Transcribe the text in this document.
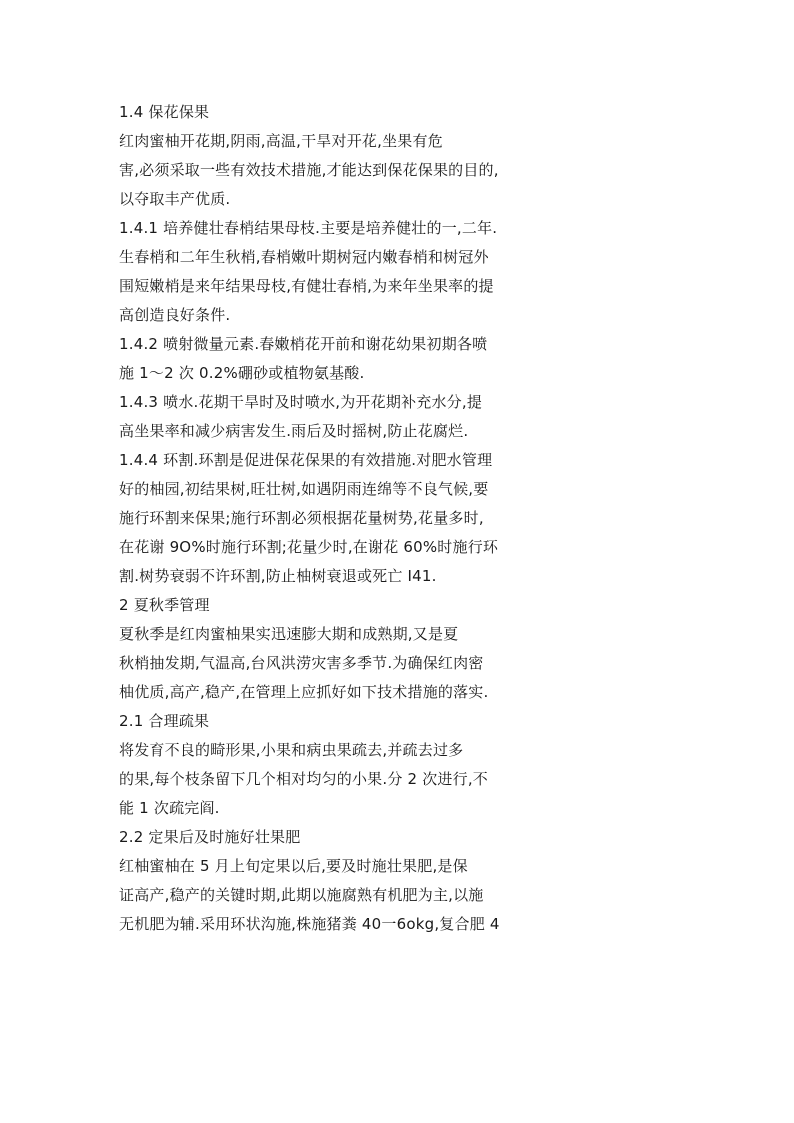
1.4 保花保果
红肉蜜柚开花期,阴雨,高温,干旱对开花,坐果有危
害,必须采取一些有效技术措施,才能达到保花保果的目的,
以夺取丰产优质.
1.4.1 培养健壮春梢结果母枝.主要是培养健壮的一,二年.
生春梢和二年生秋梢,春梢嫩叶期树冠内嫩春梢和树冠外
围短嫩梢是来年结果母枝,有健壮春梢,为来年坐果率的提
高创造良好条件.
1.4.2 喷射微量元素.春嫩梢花开前和谢花幼果初期各喷
施 1～2 次 0.2%硼砂或植物氨基酸.
1.4.3 喷水.花期干旱时及时喷水,为开花期补充水分,提
高坐果率和减少病害发生.雨后及时摇树,防止花腐烂.
1.4.4 环割.环割是促进保花保果的有效措施.对肥水管理
好的柚园,初结果树,旺壮树,如遇阴雨连绵等不良气候,要
施行环割来保果;施行环割必须根据花量树势,花量多时,
在花谢 9O%时施行环割;花量少时,在谢花 60%时施行环
割.树势衰弱不许环割,防止柚树衰退或死亡 I41.
2 夏秋季管理
夏秋季是红肉蜜柚果实迅速膨大期和成熟期,又是夏
秋梢抽发期,气温高,台风洪涝灾害多季节.为确保红肉密
柚优质,高产,稳产,在管理上应抓好如下技术措施的落实.
2.1 合理疏果
将发育不良的畸形果,小果和病虫果疏去,并疏去过多
的果,每个枝条留下几个相对均匀的小果.分 2 次进行,不
能 1 次疏完阎.
2.2 定果后及时施好壮果肥
红柚蜜柚在 5 月上旬定果以后,要及时施壮果肥,是保
证高产,稳产的关键时期,此期以施腐熟有机肥为主,以施
无机肥为辅.采用环状沟施,株施猪粪 40一6okg,复合肥 4
